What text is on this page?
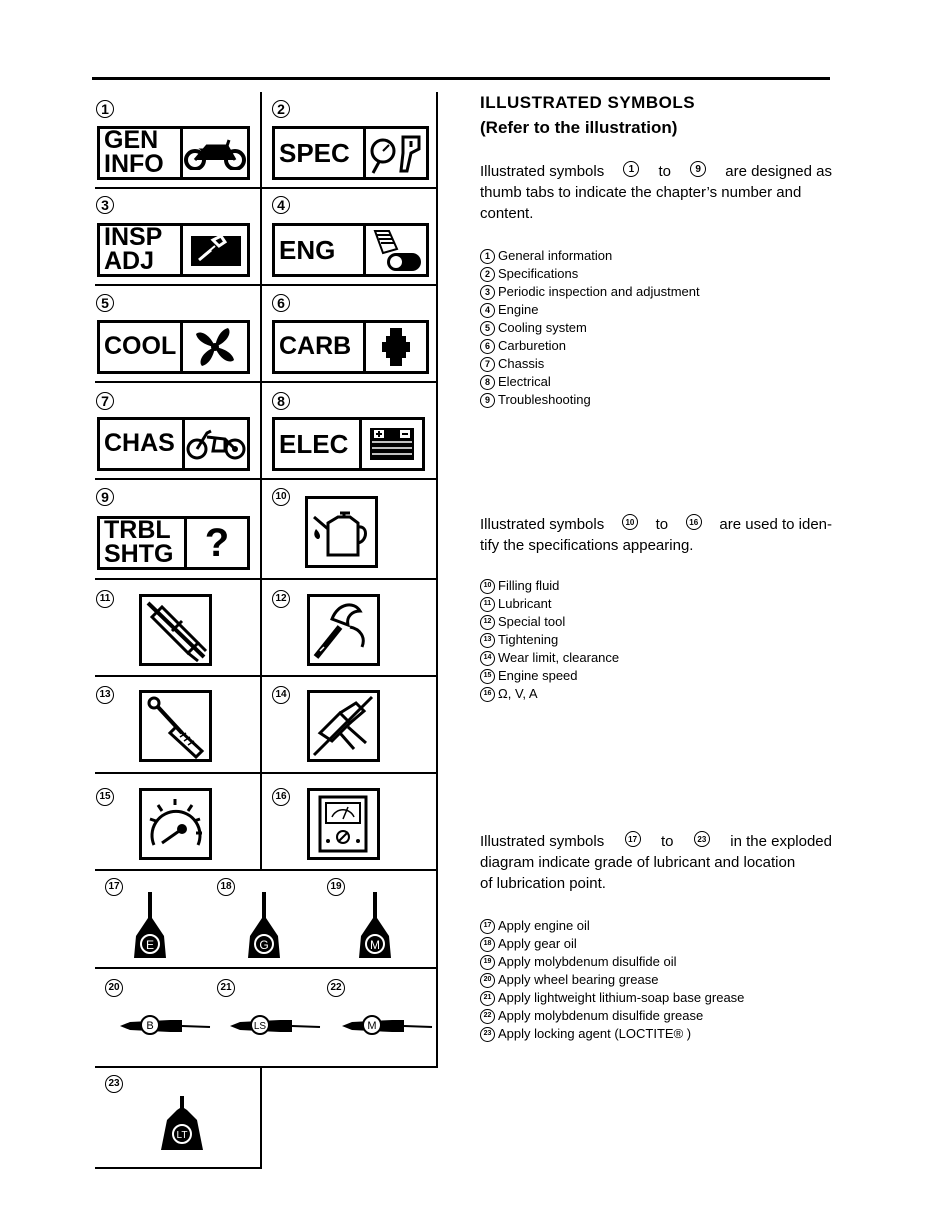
1	2
3	4
5	6
7	8
9	10
11	12
13	14
15	16
17	18	19
20	21	22
23
GEN
INFO	SPEC
INSP
ADJ	ENG
COOL	CARB
CHAS	ELEC
TRBL
SHTG ?
E	G	M
B	LS	M
LT
ILLUSTRATED SYMBOLS
(Refer to the illustration)
Illustrated symbols	1	to	9	are designed as
thumb tabs to indicate the chapter’s number and
content.
1 General information
2 Specifications
3 Periodic inspection and adjustment
4 Engine
5 Cooling system
6 Carburetion
7 Chassis
8 Electrical
9 Troubleshooting
Illustrated symbols	10 to	16 are used to iden-
tify the specifications appearing.
10 Filling fluid
11 Lubricant
12 Special tool
13 Tightening
14 Wear limit, clearance
15 Engine speed
16 Ω, V, A
Illustrated symbols	17 to	23 in the exploded
diagram indicate grade of lubricant and location
of lubrication point.
17 Apply engine oil
18 Apply gear oil
19 Apply molybdenum disulfide oil
20 Apply wheel bearing grease
21 Apply lightweight lithium-soap base grease
22 Apply molybdenum disulfide grease
23 Apply locking agent (LOCTITE® )
